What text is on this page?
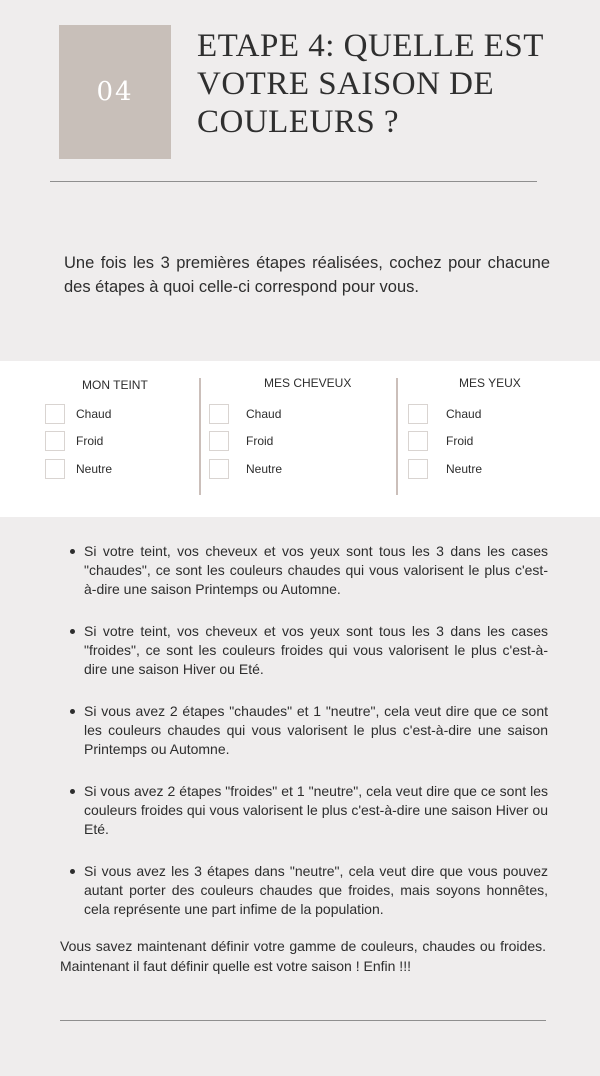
04
ETAPE 4: QUELLE EST VOTRE SAISON DE COULEURS ?

Une fois les 3 premières étapes réalisées, cochez pour chacune des étapes à quoi celle-ci correspond pour vous.

MON TEINT
Chaud
Froid
Neutre
MES CHEVEUX
Chaud
Froid
Neutre
MES YEUX
Chaud
Froid
Neutre
Si votre teint, vos cheveux et vos yeux sont tous les 3 dans les cases "chaudes", ce sont les couleurs chaudes qui vous valorisent le plus c'est-à-dire une saison Printemps ou Automne.
Si votre teint, vos cheveux et vos yeux sont tous les 3 dans les cases "froides", ce sont les couleurs froides qui vous valorisent le plus c'est-à-dire une saison Hiver ou Eté.
Si vous avez 2 étapes "chaudes" et 1 "neutre", cela veut dire que ce sont les couleurs chaudes qui vous valorisent le plus c'est-à-dire une saison Printemps ou Automne.
Si vous avez 2 étapes "froides" et 1 "neutre", cela veut dire que ce sont les couleurs froides qui vous valorisent le plus c'est-à-dire une saison Hiver ou Eté.
Si vous avez les 3 étapes dans "neutre", cela veut dire que vous pouvez autant porter des couleurs chaudes que froides, mais soyons honnêtes, cela représente une part infime de la population.

Vous savez maintenant définir votre gamme de couleurs, chaudes ou froides. Maintenant il faut définir quelle est votre saison ! Enfin !!!
